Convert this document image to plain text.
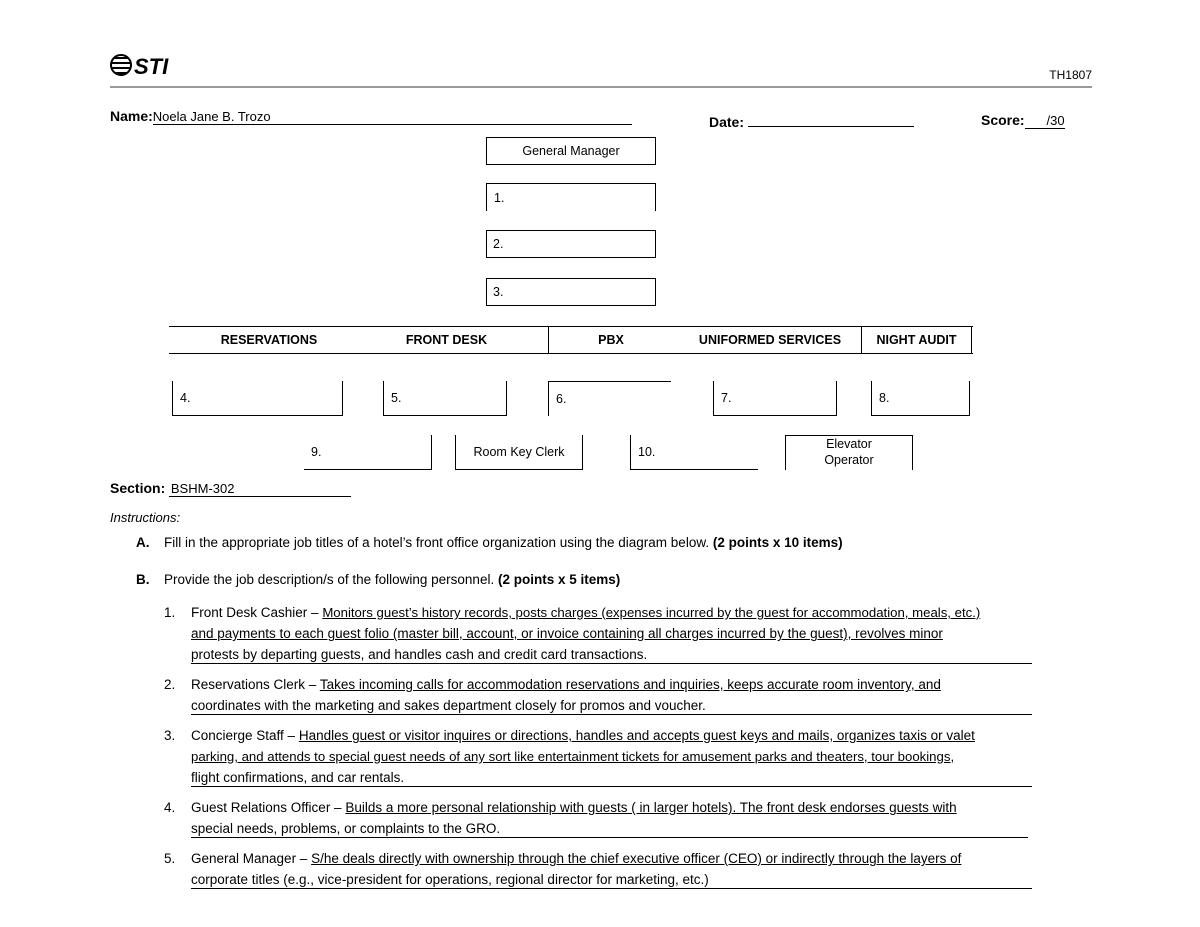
STI	TH1807
Name:Noela Jane B. Trozo	Date:	Score: /30
General Manager
1.
2.
3.
RESERVATIONS	FRONT DESK	PBX	UNIFORMED SERVICES	NIGHT AUDIT
4.	5.	6.	7.	8.
9.	Room Key Clerk	10.
Elevator Operator
Section: BSHM-302
Instructions:
A. Fill in the appropriate job titles of a hotel’s front office organization using the diagram below. (2 points x 10 items)
B. Provide the job description/s of the following personnel. (2 points x 5 items)
1. Front Desk Cashier – Monitors guest’s history records, posts charges (expenses incurred by the guest for accommodation, meals, etc.)
and payments to each guest folio (master bill, account, or invoice containing all charges incurred by the guest), revolves minor
protests by departing guests, and handles cash and credit card transactions.
2. Reservations Clerk – Takes incoming calls for accommodation reservations and inquiries, keeps accurate room inventory, and
coordinates with the marketing and sakes department closely for promos and voucher.
3. Concierge Staff – Handles guest or visitor inquires or directions, handles and accepts guest keys and mails, organizes taxis or valet
parking, and attends to special guest needs of any sort like entertainment tickets for amusement parks and theaters, tour bookings,
flight confirmations, and car rentals.
4. Guest Relations Officer – Builds a more personal relationship with guests ( in larger hotels). The front desk endorses guests with
special needs, problems, or complaints to the GRO.
5. General Manager – S/he deals directly with ownership through the chief executive officer (CEO) or indirectly through the layers of
corporate titles (e.g., vice-president for operations, regional director for marketing, etc.)
